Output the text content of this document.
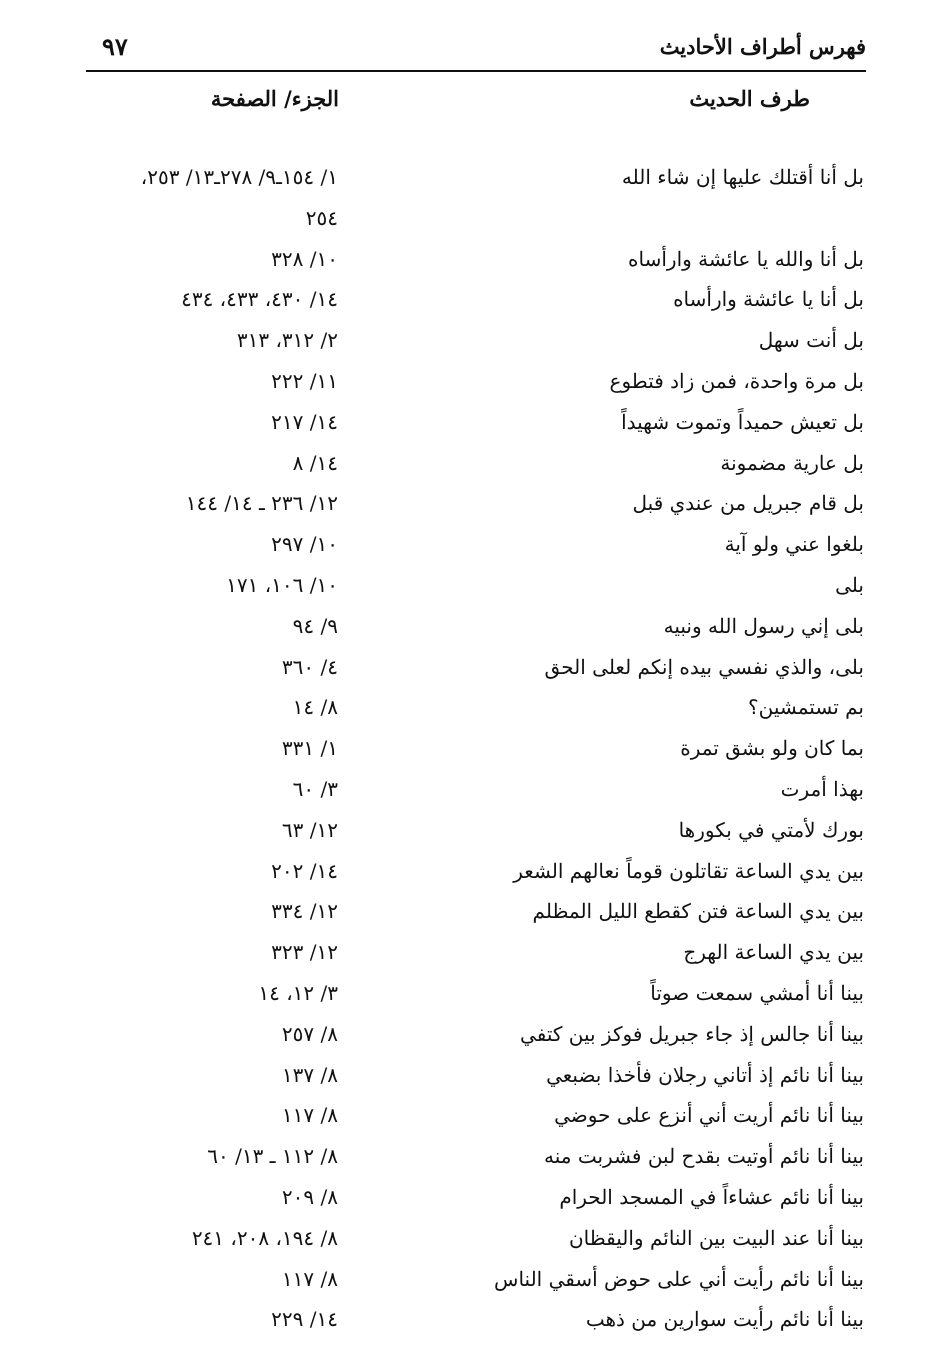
فهرس أطراف الأحاديث
٩٧
طرف الحديث
الجزء/ الصفحة
بل أنا أقتلك عليها إن شاء الله
١/ ١٥٤ـ٩/ ٢٧٨ـ١٣/ ٢٥٣،
٢٥٤
بل أنا والله يا عائشة وارأساه
١٠/ ٣٢٨
بل أنا يا عائشة وارأساه
١٤/ ٤٣٠، ٤٣٣، ٤٣٤
بل أنت سهل
٢/ ٣١٢، ٣١٣
بل مرة واحدة، فمن زاد فتطوع
١١/ ٢٢٢
بل تعيش حميداً وتموت شهيداً
١٤/ ٢١٧
بل عارية مضمونة
١٤/ ٨
بل قام جبريل من عندي قبل
١٢/ ٢٣٦ ـ ١٤/ ١٤٤
بلغوا عني ولو آية
١٠/ ٢٩٧
بلى
١٠/ ١٠٦، ١٧١
بلى إني رسول الله ونبيه
٩/ ٩٤
بلى، والذي نفسي بيده إنكم لعلى الحق
٤/ ٣٦٠
بم تستمشين؟
٨/ ١٤
بما كان ولو بشق تمرة
١/ ٣٣١
بهذا أمرت
٣/ ٦٠
بورك لأمتي في بكورها
١٢/ ٦٣
بين يدي الساعة تقاتلون قوماً نعالهم الشعر
١٤/ ٢٠٢
بين يدي الساعة فتن كقطع الليل المظلم
١٢/ ٣٣٤
بين يدي الساعة الهرج
١٢/ ٣٢٣
بينا أنا أمشي سمعت صوتاً
٣/ ١٢، ١٤
بينا أنا جالس إذ جاء جبريل فوكز بين كتفي
٨/ ٢٥٧
بينا أنا نائم إذ أتاني رجلان فأخذا بضبعي
٨/ ١٣٧
بينا أنا نائم أريت أني أنزع على حوضي
٨/ ١١٧
بينا أنا نائم أوتيت بقدح لبن فشربت منه
٨/ ١١٢ ـ ١٣/ ٦٠
بينا أنا نائم عشاءاً في المسجد الحرام
٨/ ٢٠٩
بينا أنا عند البيت بين النائم واليقظان
٨/ ١٩٤، ٢٠٨، ٢٤١
بينا أنا نائم رأيت أني على حوض أسقي الناس
٨/ ١١٧
بينا أنا نائم رأيت سوارين من ذهب
١٤/ ٢٢٩
